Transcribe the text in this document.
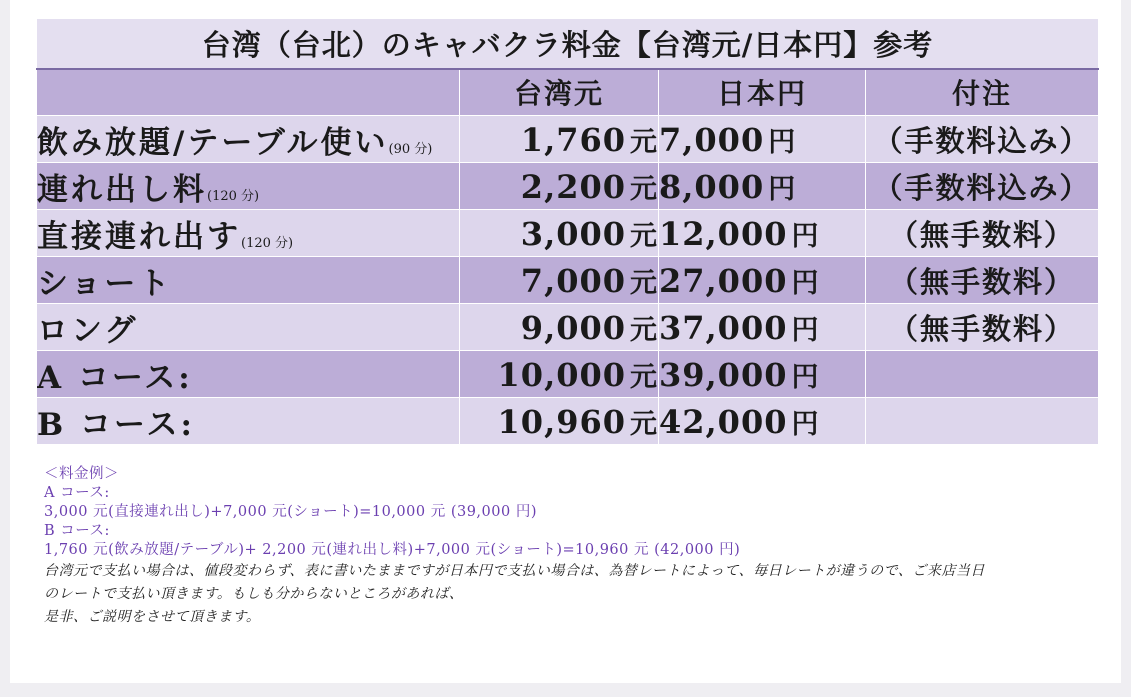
台湾（台北）のキャバクラ料金【台湾元/日本円】参考			
	台湾元	日本円	付注
飲み放題/テーブル使い(90 分)	1,760 元	7,000 円	（手数料込み）
連れ出し料(120 分)	2,200 元	8,000 円	（手数料込み）
直接連れ出す(120 分)	3,000 元	12,000 円	（無手数料）
ショート	7,000 元	27,000 円	（無手数料）
ロング	9,000 元	37,000 円	（無手数料）
A コース:	10,000 元	39,000 円	
B コース:	10,960 元	42,000 円	
＜料金例＞
A コース:
3,000 元(直接連れ出し)+7,000 元(ショート)=10,000 元 (39,000 円)
B コース:
1,760 元(飲み放題/テーブル)+ 2,200 元(連れ出し料)+7,000 元(ショート)=10,960 元 (42,000 円)
台湾元で支払い場合は、値段変わらず、表に書いたままですが日本円で支払い場合は、為替レートによって、毎日レートが違うので、ご来店当日
のレートで支払い頂きます。もしも分からないところがあれば、
是非、ご説明をさせて頂きます。
